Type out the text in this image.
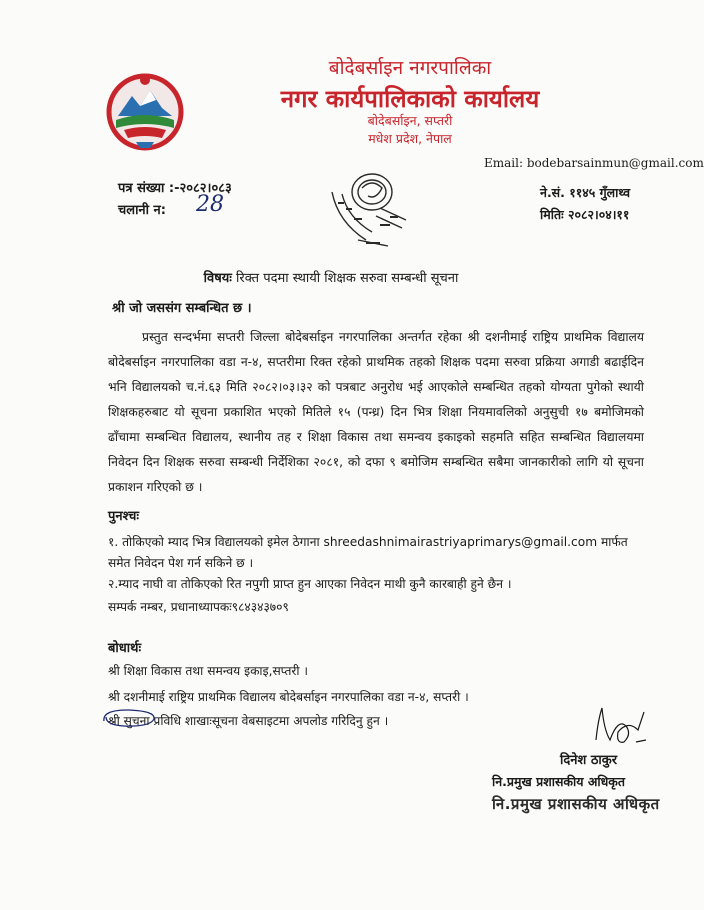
बोदेबर्साइन नगरपालिका
नगर कार्यपालिकाको कार्यालय
बोदेबर्साइन, सप्तरी
मधेश प्रदेश, नेपाल
Email: bodebarsainmun@gmail.com
पत्र संख्या :-२०८२।०८३
चलानी न: 28	ने.सं. ११४५ गुँलाथ्व
मितिः २०८२।०४।११
विषयः रिक्त पदमा स्थायी शिक्षक सरुवा सम्बन्धी सूचना
श्री जो जससंग सम्बन्धित छ ।
प्रस्तुत सन्दर्भमा सप्तरी जिल्ला बोदेबर्साइन नगरपालिका अन्तर्गत रहेका श्री दशनीमाई राष्ट्रिय प्राथमिक विद्यालय बोदेबर्साइन नगरपालिका वडा न-४, सप्तरीमा रिक्त रहेको प्राथमिक तहको शिक्षक पदमा सरुवा प्रक्रिया अगाडी बढाईदिन भनि विद्यालयको च.नं.६३ मिति २०८२।०३।३२ को पत्रबाट अनुरोध भई आएकोले सम्बन्धित तहको योग्यता पुगेको स्थायी शिक्षकहरुबाट यो सूचना प्रकाशित भएको मितिले १५ (पन्ध्र) दिन भित्र शिक्षा नियमावलिको अनुसुची १७ बमोजिमको ढाँचामा सम्बन्धित विद्यालय, स्थानीय तह र शिक्षा विकास तथा समन्वय इकाइको सहमति सहित सम्बन्धित विद्यालयमा निवेदन दिन शिक्षक सरुवा सम्बन्धी निर्देशिका २०८१, को दफा ९ बमोजिम सम्बन्धित सबैमा जानकारीको लागि यो सूचना प्रकाशन गरिएको छ ।
पुनश्चः
१. तोकिएको म्याद भित्र विद्यालयको इमेल ठेगाना shreedashnimairastriyaprimarys@gmail.com मार्फत समेत निवेदन पेश गर्न सकिने छ ।
२.म्याद नाघी वा तोकिएको रित नपुगी प्राप्त हुन आएका निवेदन माथी कुनै कारबाही हुने छैन ।
सम्पर्क नम्बर, प्रधानाध्यापकः९८४३४३७०९
बोधार्थः
श्री शिक्षा विकास तथा समन्वय इकाइ,सप्तरी ।
श्री दशनीमाई राष्ट्रिय प्राथमिक विद्यालय बोदेबर्साइन नगरपालिका वडा न-४, सप्तरी ।
श्री सुचना प्रविधि शाखाःसूचना वेबसाइटमा अपलोड गरिदिनु हुन ।
दिनेश ठाकुर
नि.प्रमुख प्रशासकीय अधिकृत
नि.प्रमुख प्रशासकीय अधिकृत
